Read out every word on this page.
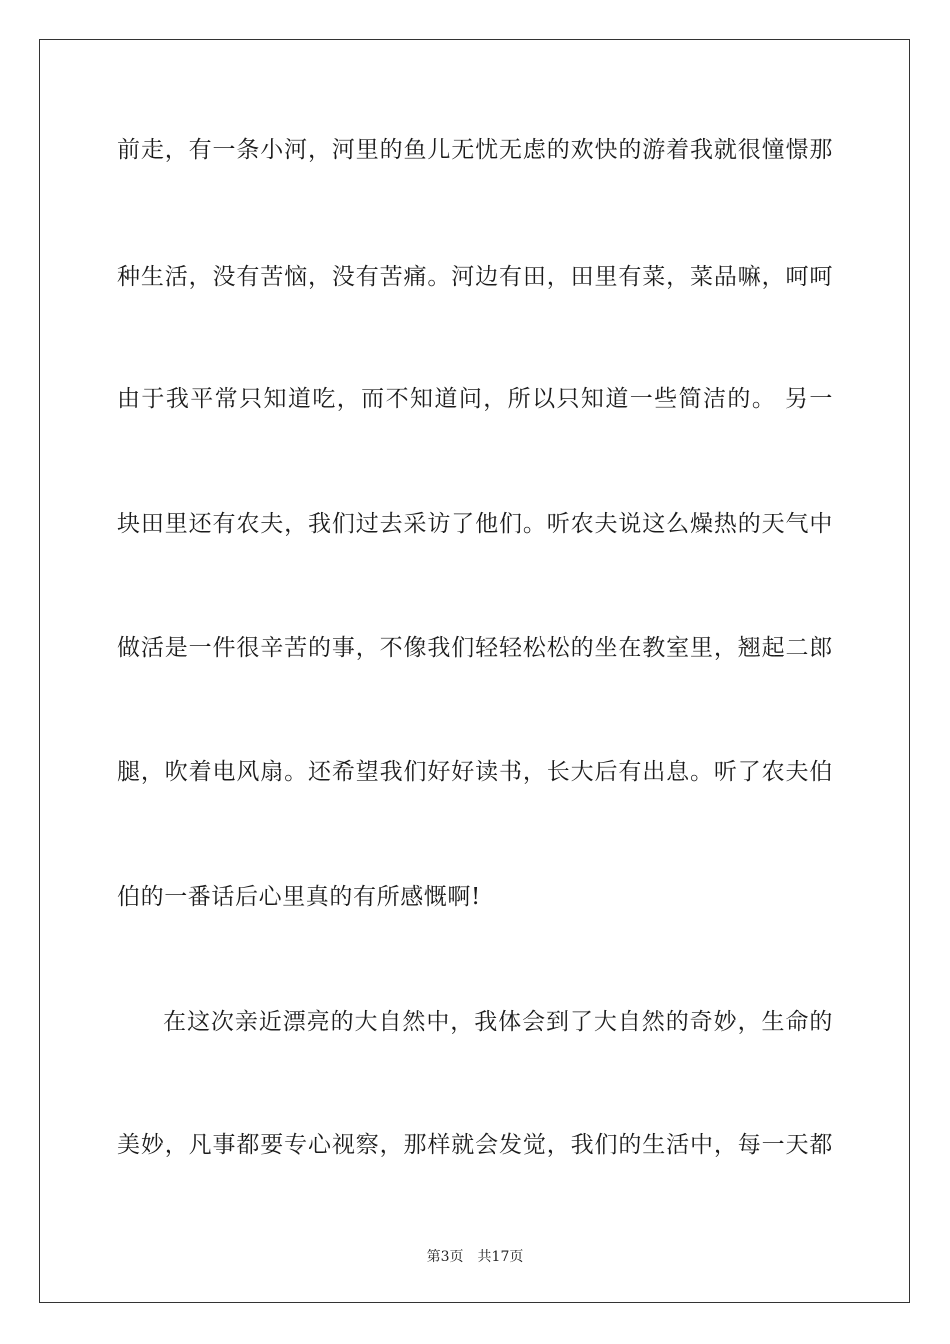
前走，有一条小河，河里的鱼儿无忧无虑的欢快的游着我就很憧憬那
种生活，没有苦恼，没有苦痛。河边有田，田里有菜，菜品嘛，呵呵
由于我平常只知道吃，而不知道问，所以只知道一些简洁的。 另一
块田里还有农夫，我们过去采访了他们。听农夫说这么燥热的天气中
做活是一件很辛苦的事，不像我们轻轻松松的坐在教室里，翘起二郎
腿，吹着电风扇。还希望我们好好读书，长大后有出息。听了农夫伯
伯的一番话后心里真的有所感慨啊!
在这次亲近漂亮的大自然中，我体会到了大自然的奇妙，生命的
美妙，凡事都要专心视察，那样就会发觉，我们的生活中，每一天都
第3页 共17页
